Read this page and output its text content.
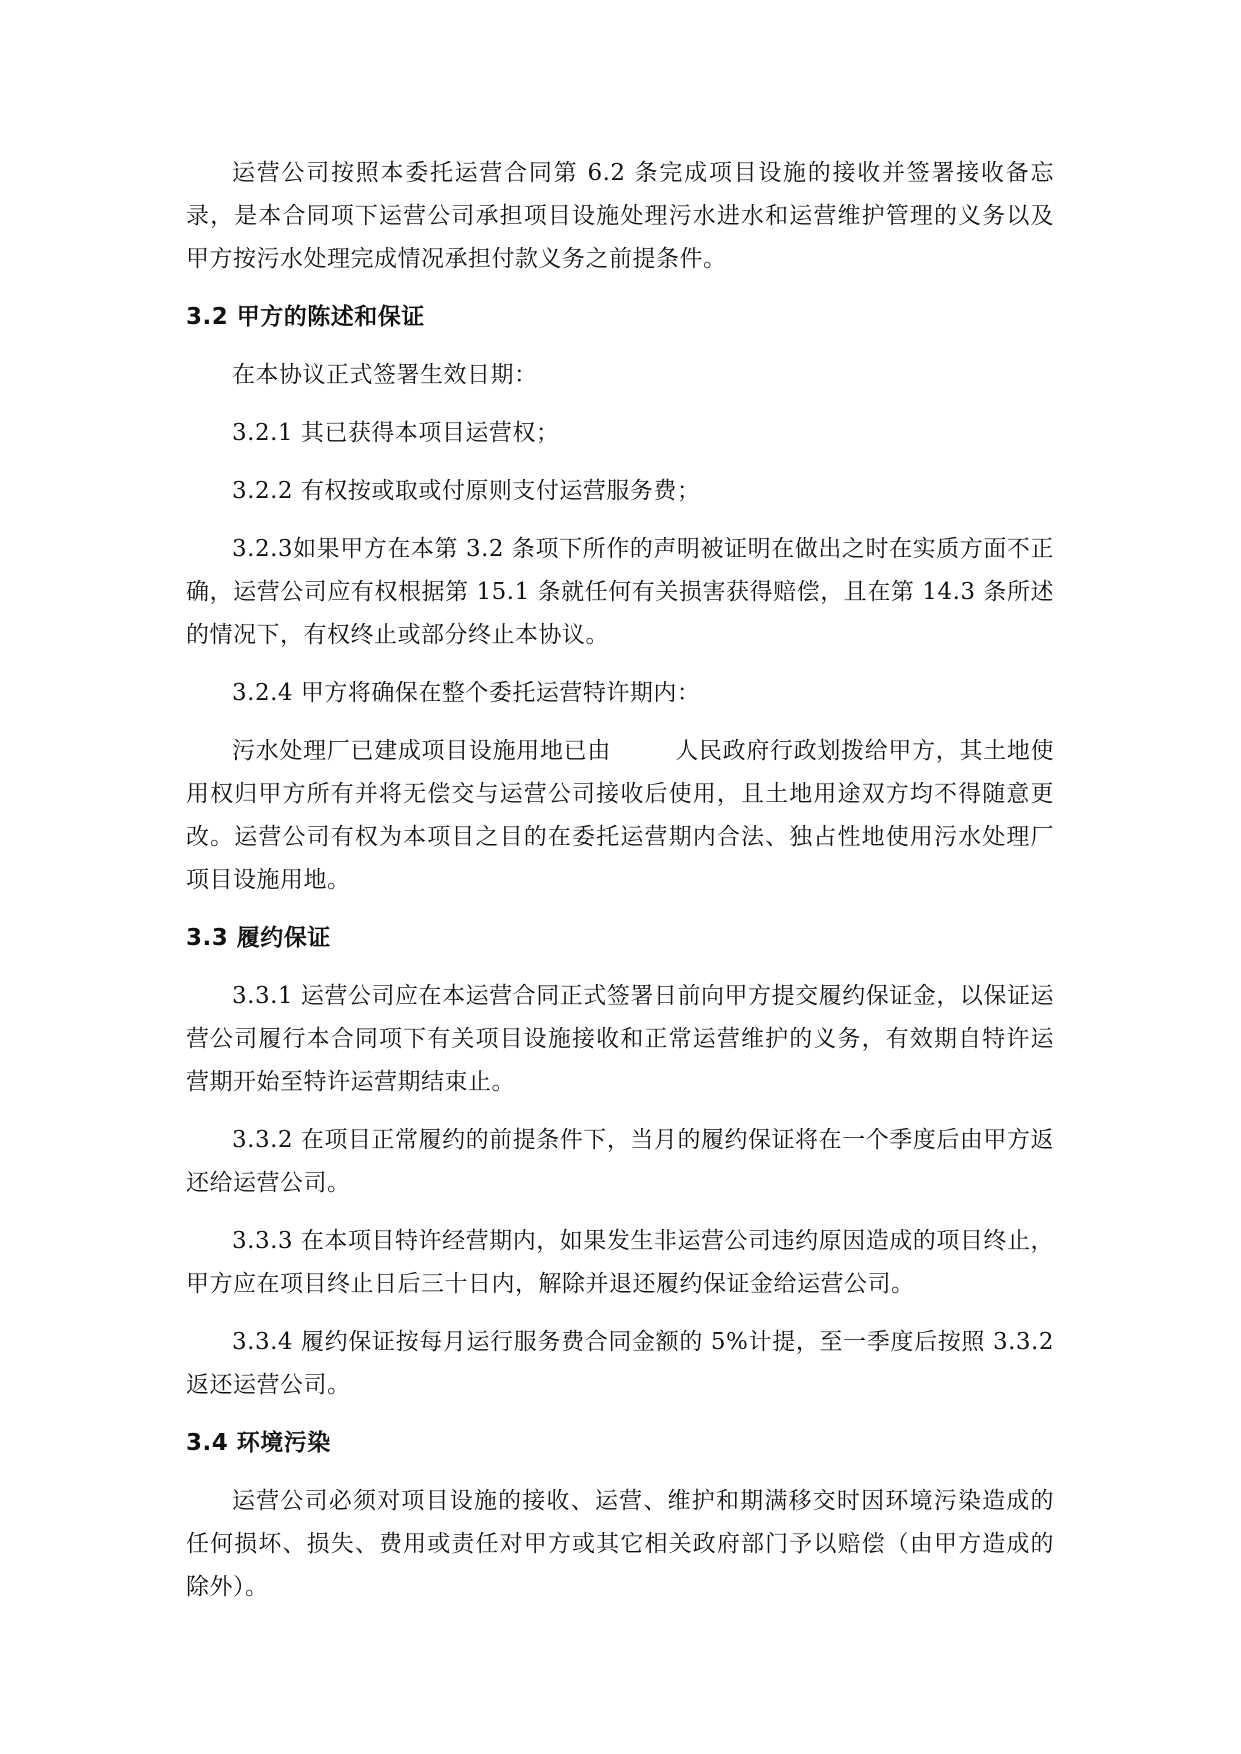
运营公司按照本委托运营合同第 6.2 条完成项目设施的接收并签署接收备忘录，是本合同项下运营公司承担项目设施处理污水进水和运营维护管理的义务以及甲方按污水处理完成情况承担付款义务之前提条件。

3.2 甲方的陈述和保证

在本协议正式签署生效日期：

3.2.1 其已获得本项目运营权；

3.2.2 有权按或取或付原则支付运营服务费；

3.2.3如果甲方在本第 3.2 条项下所作的声明被证明在做出之时在实质方面不正确，运营公司应有权根据第 15.1 条就任何有关损害获得赔偿，且在第 14.3 条所述的情况下，有权终止或部分终止本协议。

3.2.4 甲方将确保在整个委托运营特许期内：

污水处理厂已建成项目设施用地已由	人民政府行政划拨给甲方，其土地使用权归甲方所有并将无偿交与运营公司接收后使用，且土地用途双方均不得随意更改。运营公司有权为本项目之目的在委托运营期内合法、独占性地使用污水处理厂项目设施用地。

3.3 履约保证

3.3.1 运营公司应在本运营合同正式签署日前向甲方提交履约保证金，以保证运营公司履行本合同项下有关项目设施接收和正常运营维护的义务，有效期自特许运营期开始至特许运营期结束止。

3.3.2 在项目正常履约的前提条件下，当月的履约保证将在一个季度后由甲方返还给运营公司。

3.3.3 在本项目特许经营期内，如果发生非运营公司违约原因造成的项目终止，甲方应在项目终止日后三十日内，解除并退还履约保证金给运营公司。

3.3.4 履约保证按每月运行服务费合同金额的 5%计提，至一季度后按照 3.3.2 返还运营公司。

3.4 环境污染

运营公司必须对项目设施的接收、运营、维护和期满移交时因环境污染造成的任何损坏、损失、费用或责任对甲方或其它相关政府部门予以赔偿（由甲方造成的除外）。
